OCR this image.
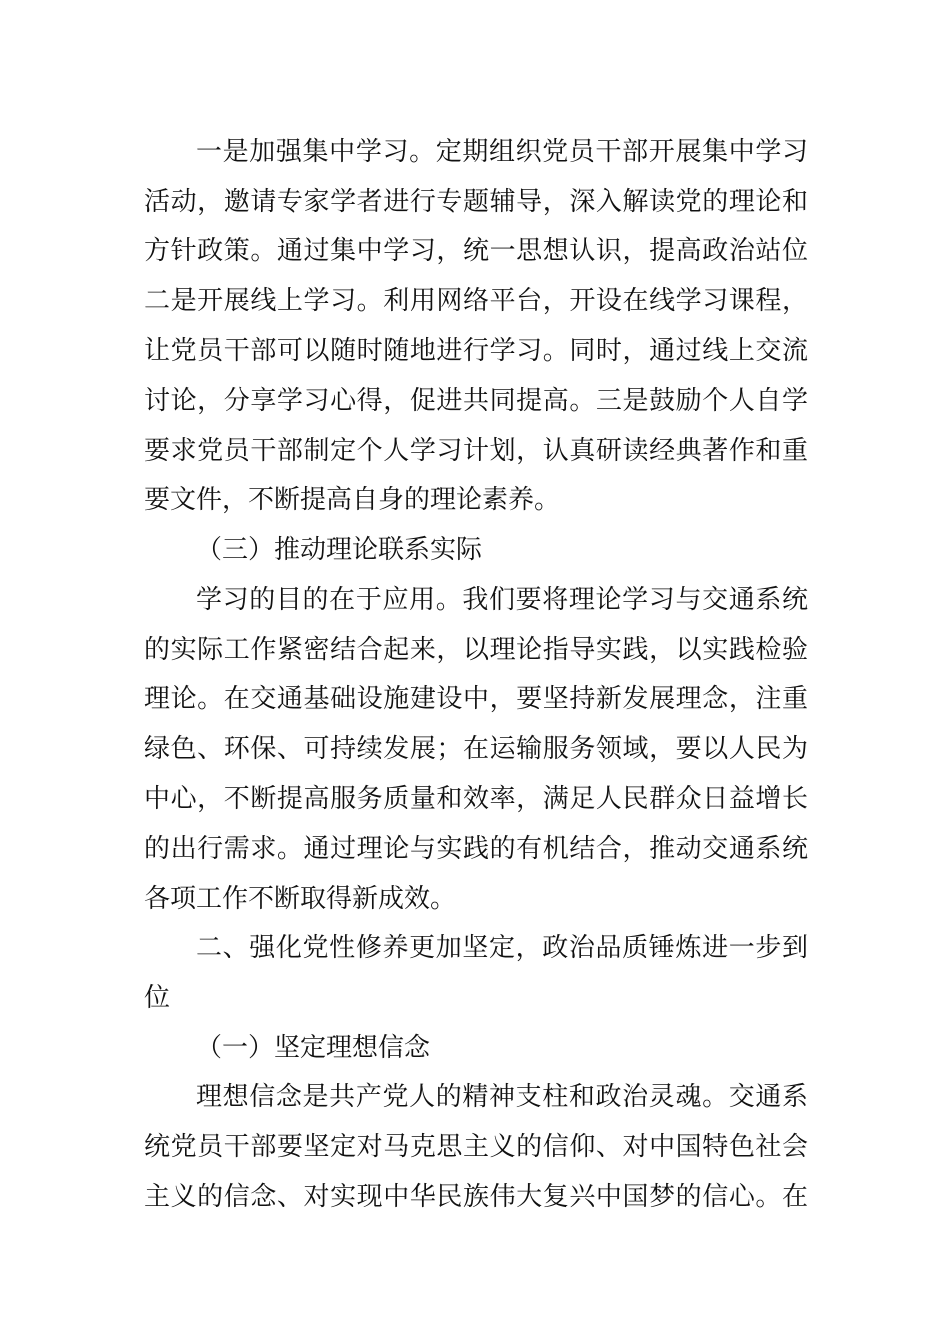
一是加强集中学习。定期组织党员干部开展集中学习
活动，邀请专家学者进行专题辅导，深入解读党的理论和
方针政策。通过集中学习，统一思想认识，提高政治站位
二是开展线上学习。利用网络平台，开设在线学习课程，
让党员干部可以随时随地进行学习。同时，通过线上交流
讨论，分享学习心得，促进共同提高。三是鼓励个人自学
要求党员干部制定个人学习计划，认真研读经典著作和重
要文件，不断提高自身的理论素养。
（三）推动理论联系实际
学习的目的在于应用。我们要将理论学习与交通系统
的实际工作紧密结合起来，以理论指导实践，以实践检验
理论。在交通基础设施建设中，要坚持新发展理念，注重
绿色、环保、可持续发展；在运输服务领域，要以人民为
中心，不断提高服务质量和效率，满足人民群众日益增长
的出行需求。通过理论与实践的有机结合，推动交通系统
各项工作不断取得新成效。
二、强化党性修养更加坚定，政治品质锤炼进一步到
位
（一）坚定理想信念
理想信念是共产党人的精神支柱和政治灵魂。交通系
统党员干部要坚定对马克思主义的信仰、对中国特色社会
主义的信念、对实现中华民族伟大复兴中国梦的信心。在
